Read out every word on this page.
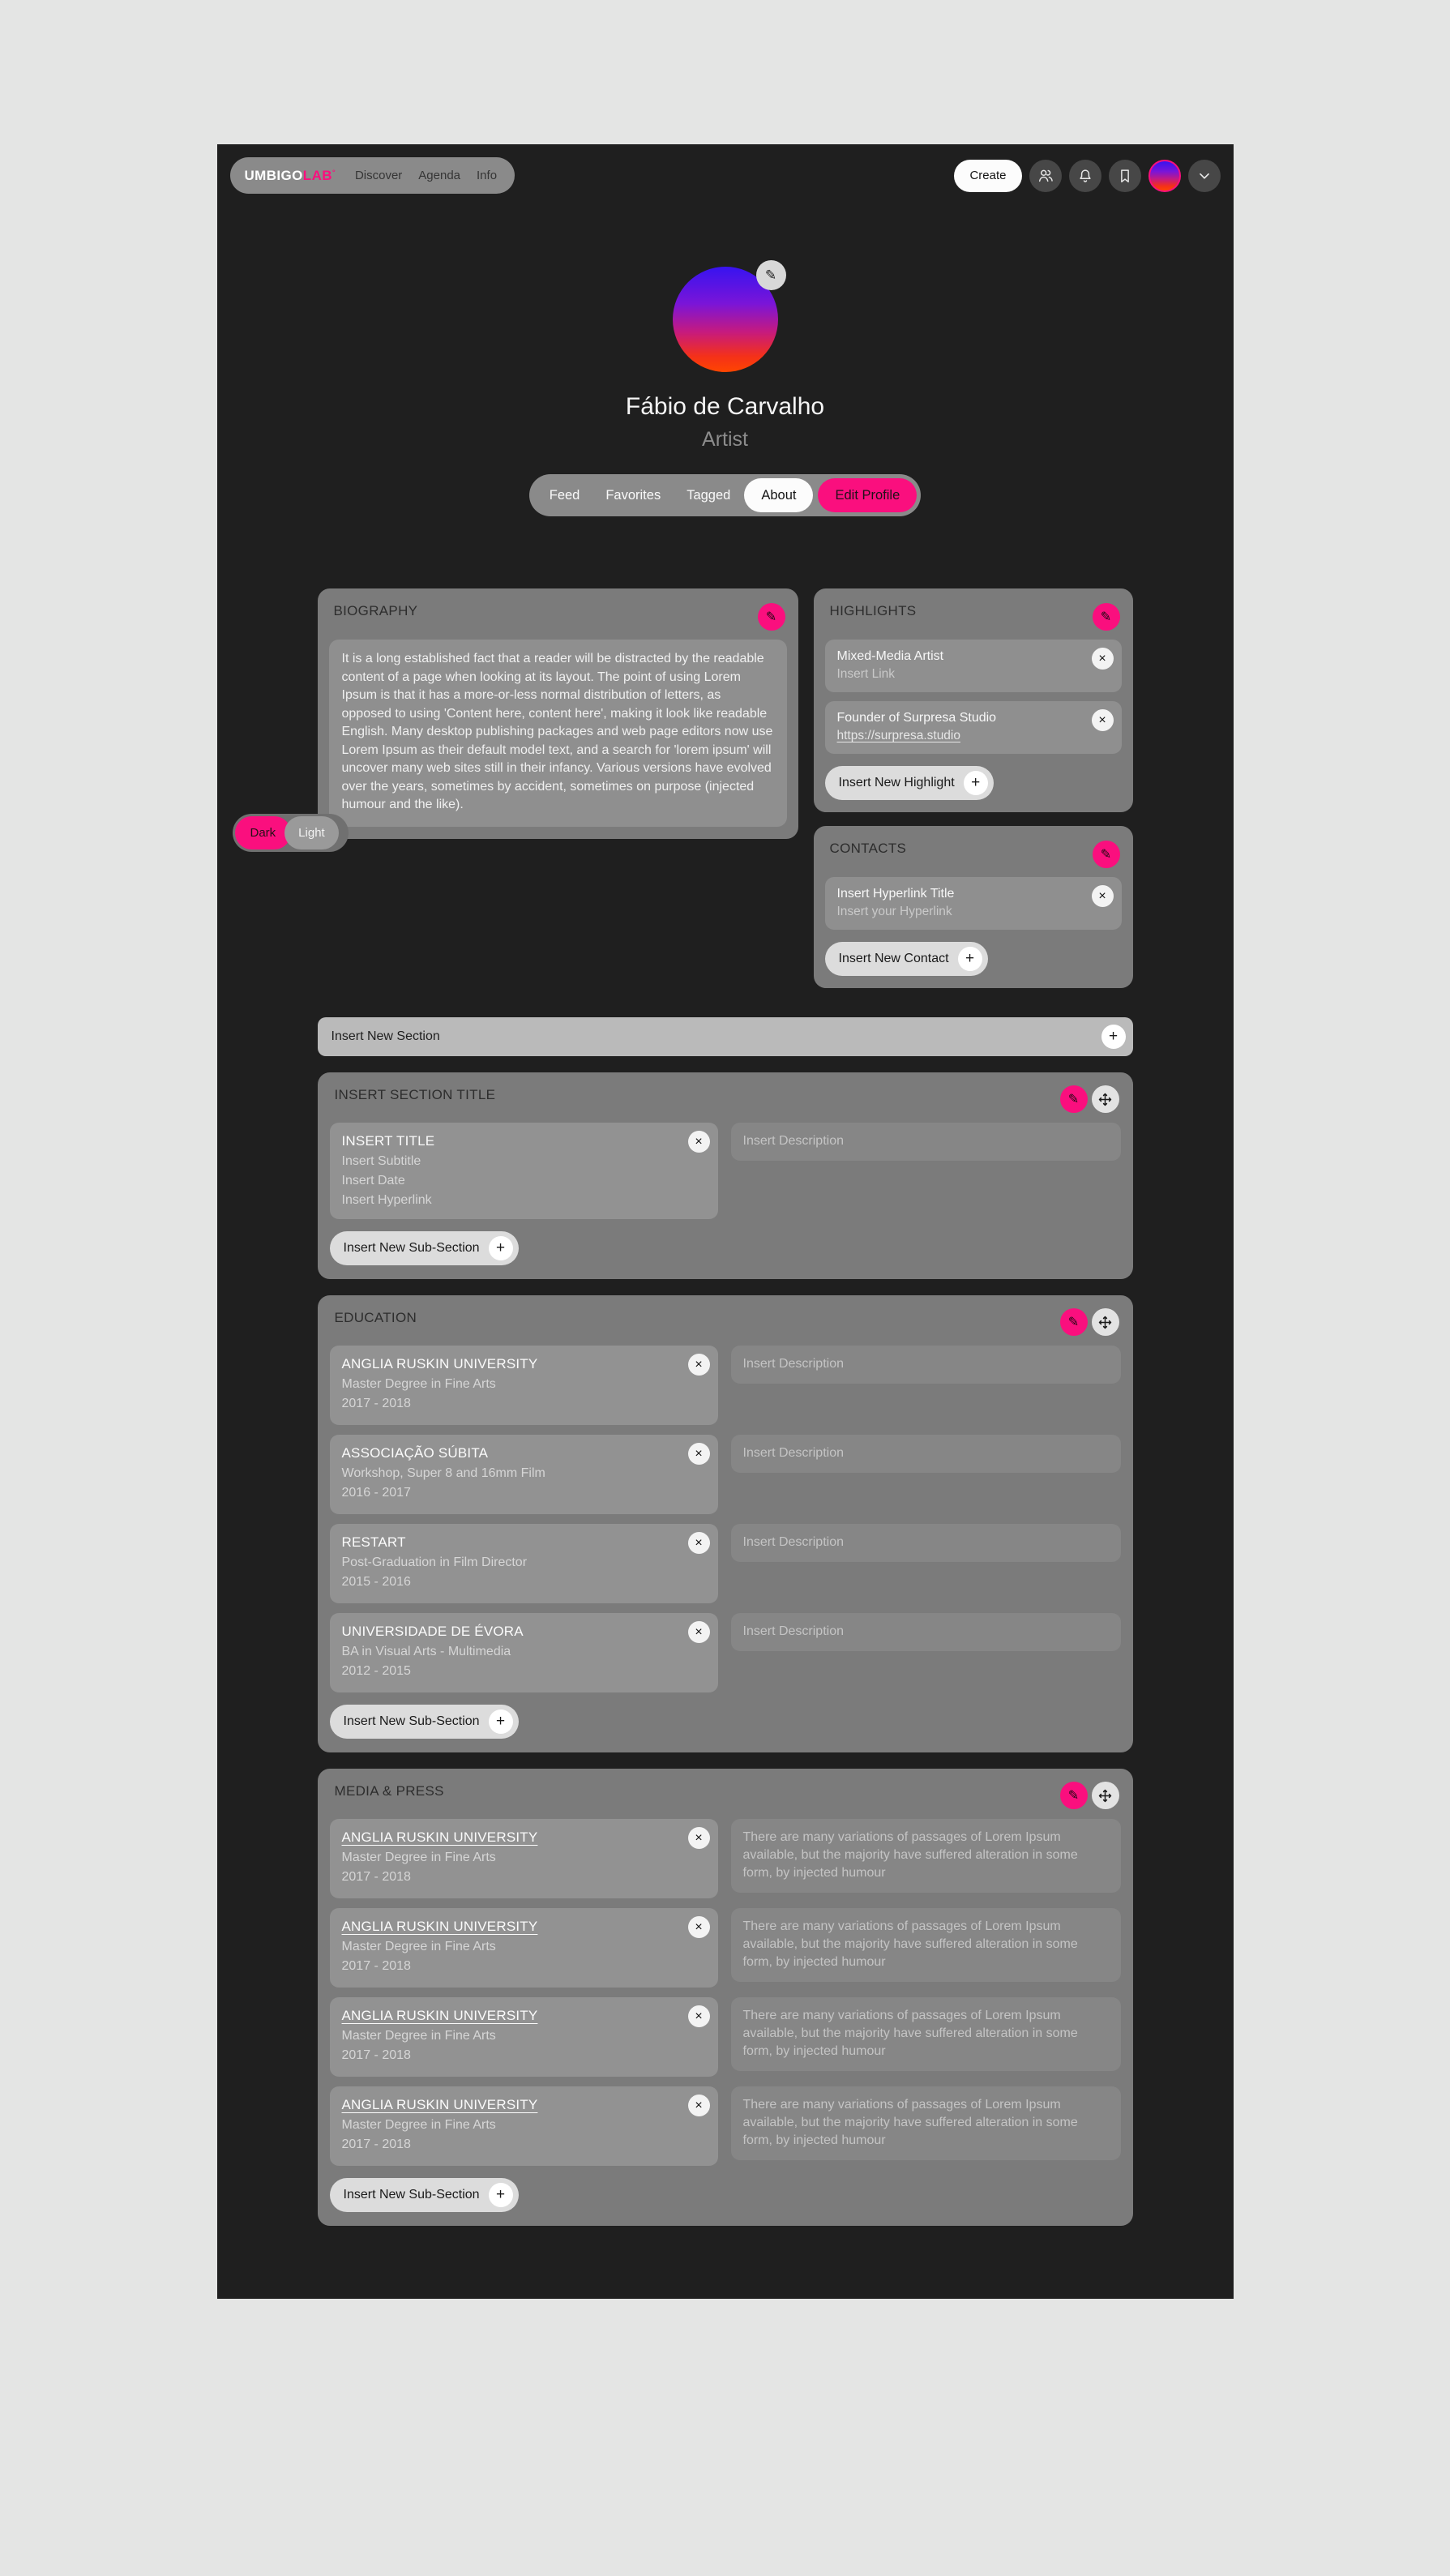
UMBIGOLAB° Discover Agenda Info	Create
✎
Fábio de Carvalho
Artist
Feed	Favorites	Tagged	About	Edit Profile
Dark	Light
BIOGRAPHY	✎
It is a long established fact that a reader will be distracted by the readable content of a page when looking at its layout. The point of using Lorem Ipsum is that it has a more-or-less normal distribution of letters, as opposed to using 'Content here, content here', making it look like readable English. Many desktop publishing packages and web page editors now use Lorem Ipsum as their default model text, and a search for 'lorem ipsum' will uncover many web sites still in their infancy. Various versions have evolved over the years, sometimes by accident, sometimes on purpose (injected humour and the like).
HIGHLIGHTS	✎
×
Mixed-Media Artist
Insert Link
×
Founder of Surpresa Studio
https://surpresa.studio
Insert New Highlight	+
CONTACTS	✎
×
Insert Hyperlink Title
Insert your Hyperlink
Insert New Contact	+
Insert New Section	+
INSERT SECTION TITLE	✎
×
INSERT TITLE
Insert Subtitle
Insert Date
Insert Hyperlink
Insert Description
Insert New Sub-Section	+
EDUCATION	✎
×
ANGLIA RUSKIN UNIVERSITY
Master Degree in Fine Arts
2017 - 2018
Insert Description
×
ASSOCIAÇÃO SÚBITA
Workshop, Super 8 and 16mm Film
2016 - 2017
Insert Description
×
RESTART
Post-Graduation in Film Director
2015 - 2016
Insert Description
×
UNIVERSIDADE DE ÉVORA
BA in Visual Arts - Multimedia
2012 - 2015
Insert Description
Insert New Sub-Section	+
MEDIA & PRESS	✎
×
ANGLIA RUSKIN UNIVERSITY
Master Degree in Fine Arts
2017 - 2018
There are many variations of passages of Lorem Ipsum available, but the majority have suffered alteration in some form, by injected humour
×
ANGLIA RUSKIN UNIVERSITY
Master Degree in Fine Arts
2017 - 2018
There are many variations of passages of Lorem Ipsum available, but the majority have suffered alteration in some form, by injected humour
×
ANGLIA RUSKIN UNIVERSITY
Master Degree in Fine Arts
2017 - 2018
There are many variations of passages of Lorem Ipsum available, but the majority have suffered alteration in some form, by injected humour
×
ANGLIA RUSKIN UNIVERSITY
Master Degree in Fine Arts
2017 - 2018
There are many variations of passages of Lorem Ipsum available, but the majority have suffered alteration in some form, by injected humour
Insert New Sub-Section	+
